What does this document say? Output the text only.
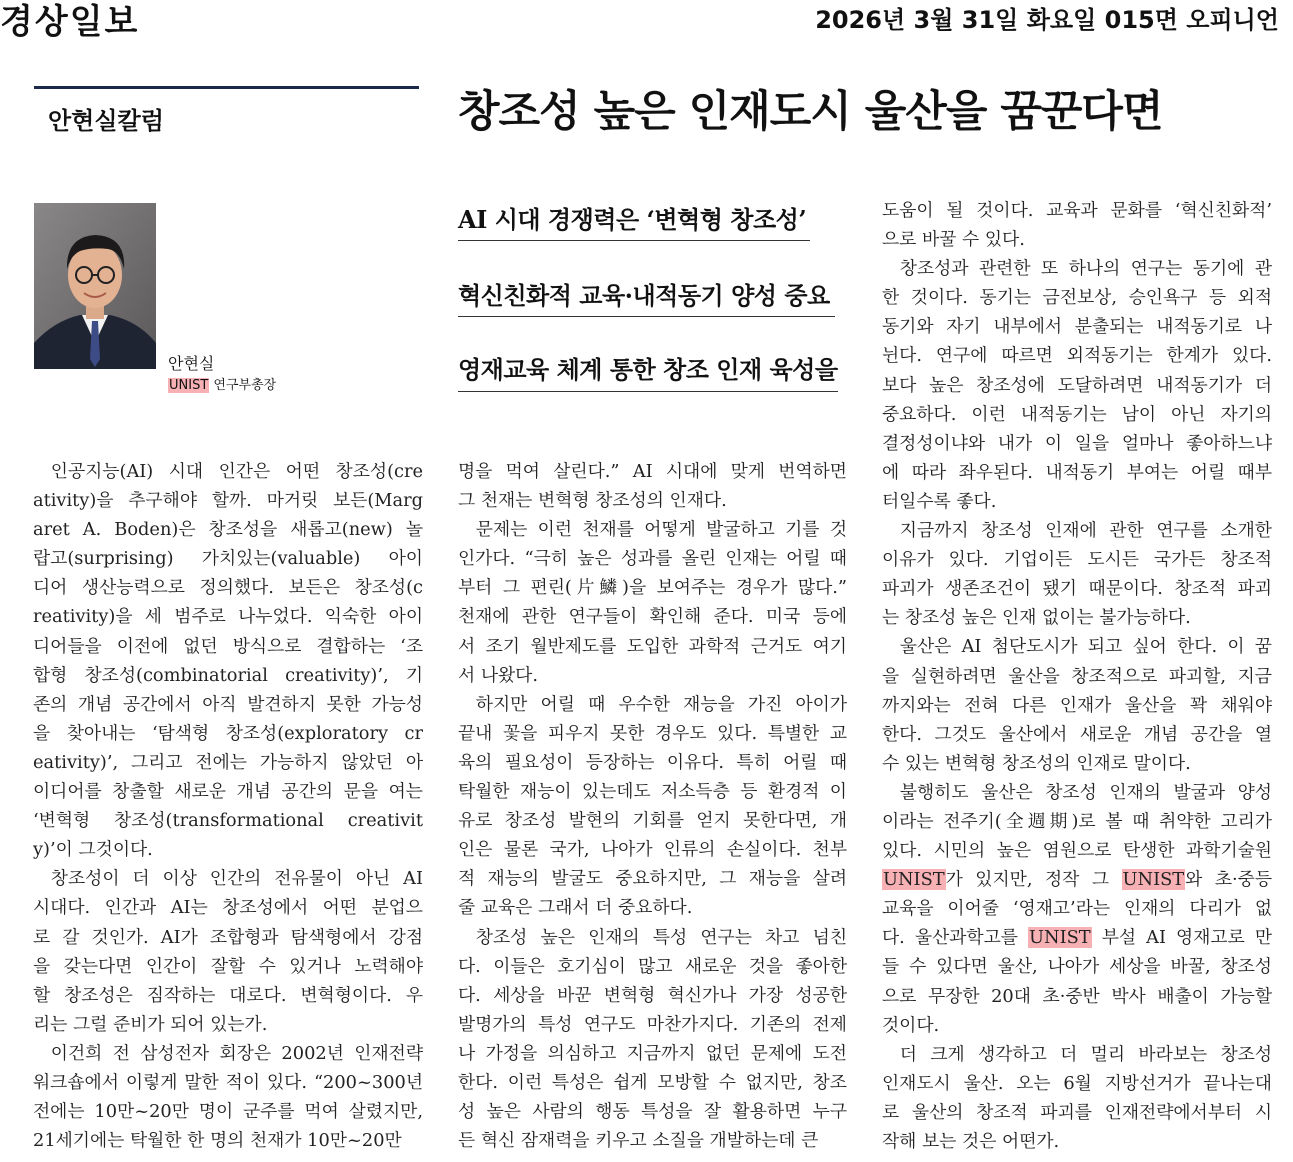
경상일보	2026년 3월 31일 화요일 015면 오피니언
안현실칼럼	창조성 높은 인재도시 울산을 꿈꾼다면
안현실
UNIST 연구부총장
AI 시대 경쟁력은 ‘변혁형 창조성’
혁신친화적 교육·내적동기 양성 중요
영재교육 체계 통한 창조 인재 육성을

인공지능(AI) 시대 인간은 어떤 창조성(cre

ativity)을 추구해야 할까. 마거릿 보든(Marg

aret A. Boden)은 창조성을 새롭고(new) 놀

랍고(surprising) 가치있는(valuable) 아이

디어 생산능력으로 정의했다. 보든은 창조성(c

reativity)을 세 범주로 나누었다. 익숙한 아이

디어들을 이전에 없던 방식으로 결합하는 ‘조

합형 창조성(combinatorial creativity)’, 기

존의 개념 공간에서 아직 발견하지 못한 가능성

을 찾아내는 ‘탐색형 창조성(exploratory cr

eativity)’, 그리고 전에는 가능하지 않았던 아

이디어를 창출할 새로운 개념 공간의 문을 여는

‘변혁형 창조성(transformational creativit

y)’이 그것이다.

창조성이 더 이상 인간의 전유물이 아닌 AI

시대다. 인간과 AI는 창조성에서 어떤 분업으

로 갈 것인가. AI가 조합형과 탐색형에서 강점

을 갖는다면 인간이 잘할 수 있거나 노력해야

할 창조성은 짐작하는 대로다. 변혁형이다. 우

리는 그럴 준비가 되어 있는가.

이건희 전 삼성전자 회장은 2002년 인재전략

워크숍에서 이렇게 말한 적이 있다. “200~300년

전에는 10만~20만 명이 군주를 먹여 살렸지만,

21세기에는 탁월한 한 명의 천재가 10만~20만

명을 먹여 살린다.” AI 시대에 맞게 번역하면

그 천재는 변혁형 창조성의 인재다.

문제는 이런 천재를 어떻게 발굴하고 기를 것

인가다. “극히 높은 성과를 올린 인재는 어릴 때

부터 그 편린(片鱗)을 보여주는 경우가 많다.”

천재에 관한 연구들이 확인해 준다. 미국 등에

서 조기 월반제도를 도입한 과학적 근거도 여기

서 나왔다.

하지만 어릴 때 우수한 재능을 가진 아이가

끝내 꽃을 피우지 못한 경우도 있다. 특별한 교

육의 필요성이 등장하는 이유다. 특히 어릴 때

탁월한 재능이 있는데도 저소득층 등 환경적 이

유로 창조성 발현의 기회를 얻지 못한다면, 개

인은 물론 국가, 나아가 인류의 손실이다. 천부

적 재능의 발굴도 중요하지만, 그 재능을 살려

줄 교육은 그래서 더 중요하다.

창조성 높은 인재의 특성 연구는 차고 넘친

다. 이들은 호기심이 많고 새로운 것을 좋아한

다. 세상을 바꾼 변혁형 혁신가나 가장 성공한

발명가의 특성 연구도 마찬가지다. 기존의 전제

나 가정을 의심하고 지금까지 없던 문제에 도전

한다. 이런 특성은 쉽게 모방할 수 없지만, 창조

성 높은 사람의 행동 특성을 잘 활용하면 누구

든 혁신 잠재력을 키우고 소질을 개발하는데 큰

도움이 될 것이다. 교육과 문화를 ‘혁신친화적’

으로 바꿀 수 있다.

창조성과 관련한 또 하나의 연구는 동기에 관

한 것이다. 동기는 금전보상, 승인욕구 등 외적

동기와 자기 내부에서 분출되는 내적동기로 나

뉜다. 연구에 따르면 외적동기는 한계가 있다.

보다 높은 창조성에 도달하려면 내적동기가 더

중요하다. 이런 내적동기는 남이 아닌 자기의

결정성이냐와 내가 이 일을 얼마나 좋아하느냐

에 따라 좌우된다. 내적동기 부여는 어릴 때부

터일수록 좋다.

지금까지 창조성 인재에 관한 연구를 소개한

이유가 있다. 기업이든 도시든 국가든 창조적

파괴가 생존조건이 됐기 때문이다. 창조적 파괴

는 창조성 높은 인재 없이는 불가능하다.

울산은 AI 첨단도시가 되고 싶어 한다. 이 꿈

을 실현하려면 울산을 창조적으로 파괴할, 지금

까지와는 전혀 다른 인재가 울산을 꽉 채워야

한다. 그것도 울산에서 새로운 개념 공간을 열

수 있는 변혁형 창조성의 인재로 말이다.

불행히도 울산은 창조성 인재의 발굴과 양성

이라는 전주기(全週期)로 볼 때 취약한 고리가

있다. 시민의 높은 염원으로 탄생한 과학기술원

UNIST가 있지만, 정작 그 UNIST와 초·중등

교육을 이어줄 ‘영재고’라는 인재의 다리가 없

다. 울산과학고를 UNIST 부설 AI 영재고로 만

들 수 있다면 울산, 나아가 세상을 바꿀, 창조성

으로 무장한 20대 초·중반 박사 배출이 가능할

것이다.

더 크게 생각하고 더 멀리 바라보는 창조성

인재도시 울산. 오는 6월 지방선거가 끝나는대

로 울산의 창조적 파괴를 인재전략에서부터 시

작해 보는 것은 어떤가.
